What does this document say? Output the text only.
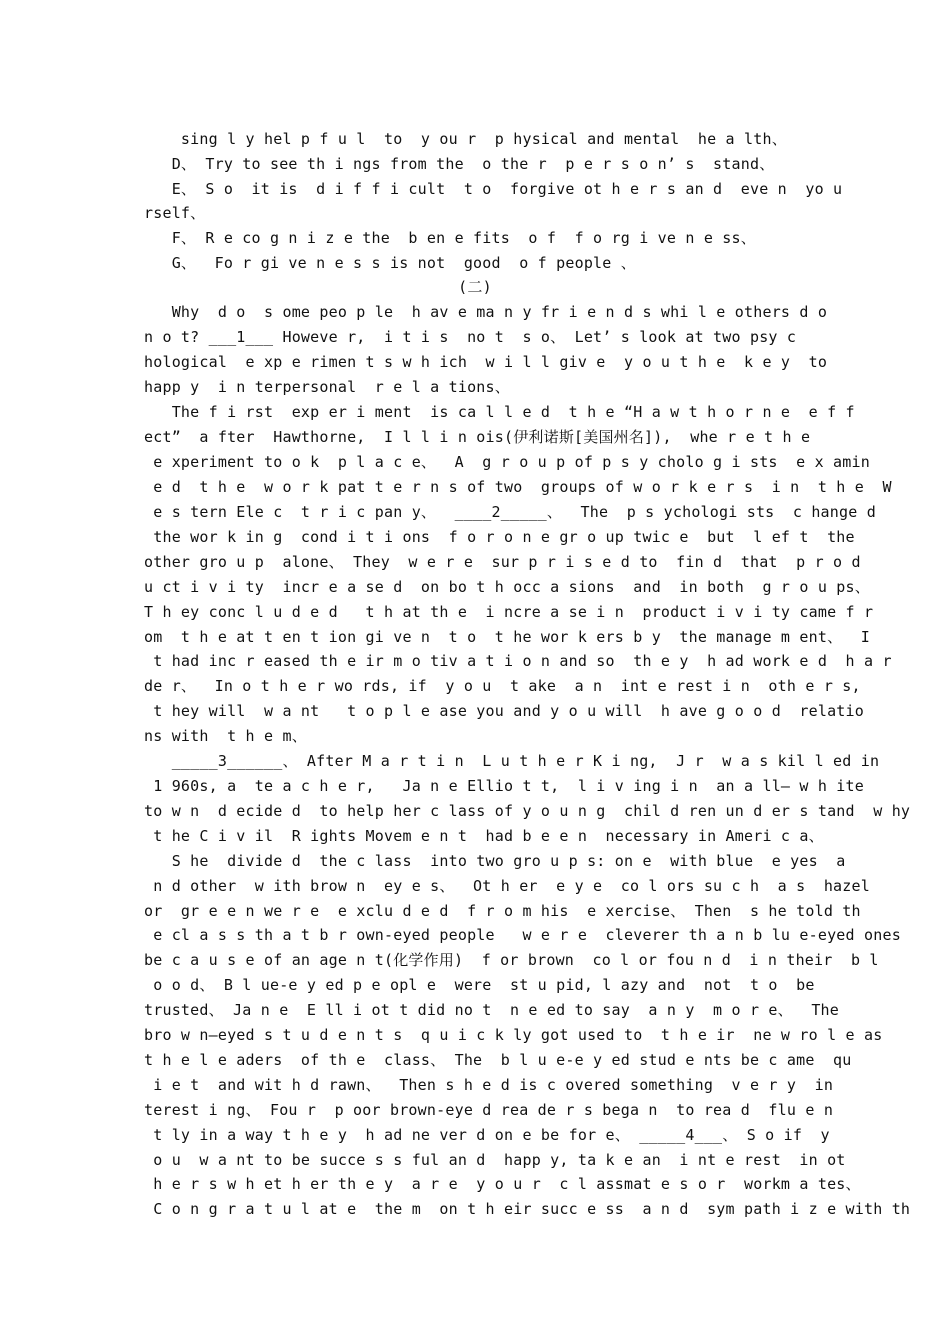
sing l y hel p f u l  to  y ou r  p hysical and mental  he a lth、
D、 Try to see th i ngs from the  o the r  p e r s o n’ s  stand、
E、 S o  it is  d i f f i cult  t o  forgive ot h e r s an d  eve n  yo u
rself、
F、 R e co g n i z e the  b en e fits  o f  f o rg i ve n e ss、
G、  Fo r gi ve n e s s is not  good  o f people 、
(二)
Why  d o  s ome peo p le  h av e ma n y fr i e n d s whi l e others d o
n o t? ___1___ Howeve r,  i t i s  no t  s o、 Let’ s look at two psy c
hological  e xp e rimen t s w h ich  w i l l giv e  y o u t h e  k e y  to
happ y  i n terpersonal  r e l a tions、
The f i rst  exp er i ment  is ca l l e d  t h e “H a w t h o r n e  e f f
ect”  a fter  Hawthorne,  I l l i n ois(伊利诺斯[美国州名]),  whe r e t h e
e xperiment to o k  p l a c e、  A  g r o u p of p s y cholo g i sts  e x amin
e d  t h e  w o r k pat t e r n s of two  groups of w o r k e r s  i n  t h e  W
e s tern Ele c  t r i c pan y、  ____2_____、  The  p s ychologi sts  c hange d
the wor k in g  cond i t i ons  f o r o n e gr o up twic e  but  l ef t  the
other gro u p  alone、 They  w e r e  sur p r i s e d to  fin d  that  p r o d
u ct i v i ty  incr e a se d  on bo t h occ a sions  and  in both  g r o u ps、
T h ey conc l u d e d   t h at th e  i ncre a se i n  product i v i ty came f r
om  t h e at t en t ion gi ve n  t o  t he wor k ers b y  the manage m ent、  I
t had inc r eased th e ir m o tiv a t i o n and so  th e y  h ad work e d  h a r
de r、  In o t h e r wo rds, if  y o u  t ake  a n  int e rest i n  oth e r s,
t hey will  w a nt   t o p l e ase you and y o u will  h ave g o o d  relatio
ns with  t h e m、
_____3______、 After M a r t i n  L u t h e r K i ng,  J r  w a s kil l ed in
1 960s, a  te a c h e r,   Ja n e Ellio t t,  l i v ing i n  an a ll— w h ite
to w n  d ecide d  to help her c lass of y o u n g  chil d ren un d er s tand  w hy
t he C i v il  R ights Movem e n t  had b e e n  necessary in Ameri c a、
S he  divide d  the c lass  into two gro u p s: on e  with blue  e yes  a
n d other  w ith brow n  ey e s、  Ot h er  e y e  co l ors su c h  a s  hazel
or  gr e e n we r e  e xclu d e d  f r o m his  e xercise、 Then  s he told th
e cl a s s th a t b r own-eyed people   w e r e  cleverer th a n b lu e-eyed ones
be c a u s e of an age n t(化学作用)  f or brown  co l or fou n d  i n their  b l
o o d、 B l ue-e y ed p e opl e  were  st u pid, l azy and  not  t o  be
trusted、 Ja n e  E ll i ot t did no t  n e ed to say  a n y  m o r e、  The
bro w n—eyed s t u d e n t s  q u i c k ly got used to  t h e ir  ne w ro l e as
t h e l e aders  of th e  class、 The  b l u e-e y ed stud e nts be c ame  qu
i e t  and wit h d rawn、  Then s h e d is c overed something  v e r y  in
terest i ng、 Fou r  p oor brown-eye d rea de r s bega n  to rea d  flu e n
t ly in a way t h e y  h ad ne ver d on e be for e、 _____4___、 S o if  y
o u  w a nt to be succe s s ful an d  happ y, ta k e an  i nt e rest  in ot
h e r s w h et h er th e y  a r e  y o u r  c l assmat e s o r  workm a tes、
C o n g r a t u l at e  the m  on t h eir succ e ss  a n d  sym path i z e with th
